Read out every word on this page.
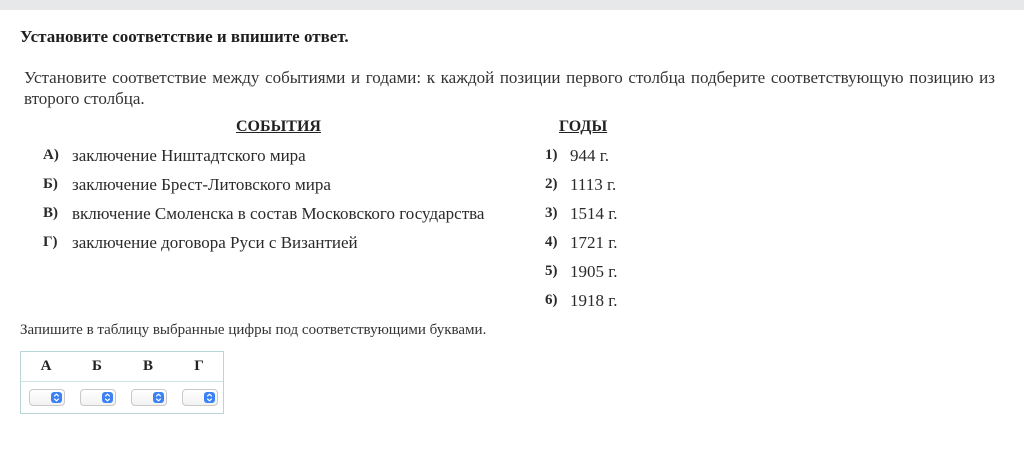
Установите соответствие и впишите ответ.
Установите соответствие между событиями и годами: к каждой позиции первого столбца подберите соответствующую позицию из второго столбца.
СОБЫТИЯ	ГОДЫ
А) заключение Ништадтского мира
Б) заключение Брест-Литовского мира
В) включение Смоленска в состав Московского государства
Г) заключение договора Руси с Византией
1) 944 г.
2) 1113 г.
3) 1514 г.
4) 1721 г.
5) 1905 г.
6) 1918 г.
Запишите в таблицу выбранные цифры под соответствующими буквами.
А	Б	В	Г
